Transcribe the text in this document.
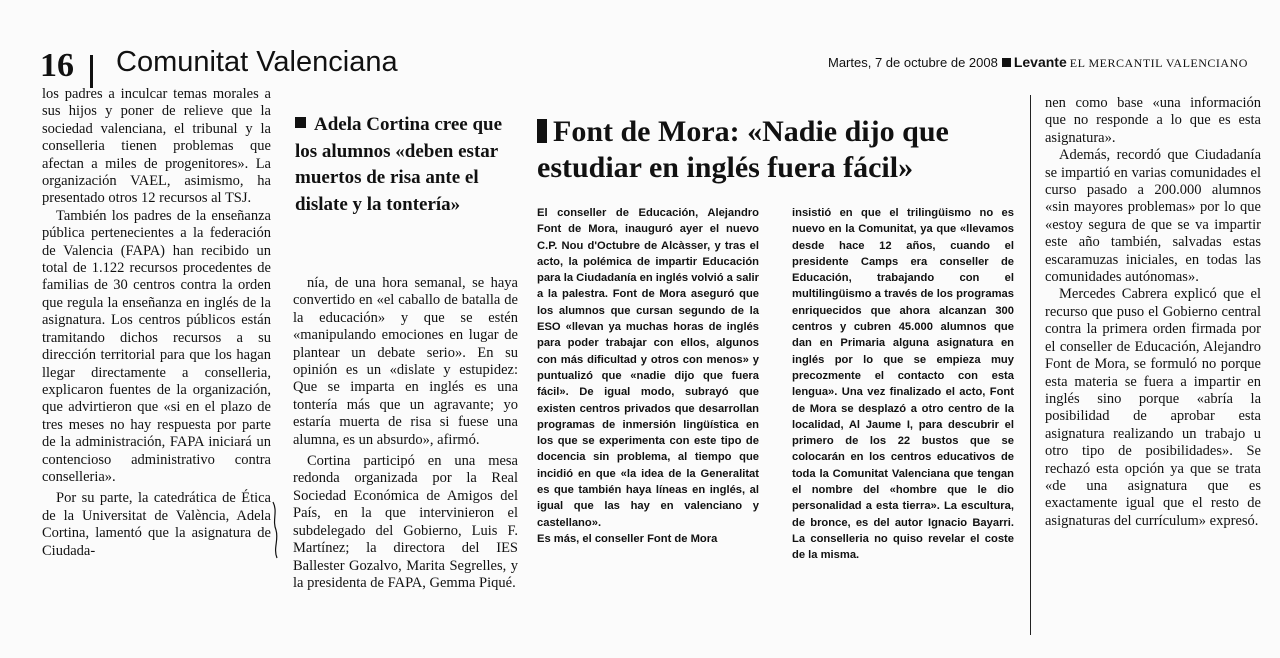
16 Comunitat Valenciana	Martes, 7 de octubre de 2008 Levante EL MERCANTIL VALENCIANO

los padres a inculcar temas morales a sus hijos y poner de relieve que la sociedad valenciana, el tribunal y la conselleria tienen problemas que afectan a miles de progenitores». La organización VAEL, asimismo, ha presentado otros 12 recursos al TSJ.

También los padres de la enseñanza pública pertenecientes a la federación de Valencia (FAPA) han recibido un total de 1.122 recursos procedentes de familias de 30 centros contra la orden que regula la enseñanza en inglés de la asignatura. Los centros públicos están tramitando dichos recursos a su dirección territorial para que los hagan llegar directamente a conselleria, explicaron fuentes de la organización, que advirtieron que «si en el plazo de tres meses no hay respuesta por parte de la administración, FAPA iniciará un contencioso administrativo contra conselleria».

Por su parte, la catedrática de Ética de la Universitat de València, Adela Cortina, lamentó que la asignatura de Ciudada-

Adela Cortina cree que los alumnos «deben estar muertos de risa ante el dislate y la tontería»

nía, de una hora semanal, se haya convertido en «el caballo de batalla de la educación» y que se estén «manipulando emociones en lugar de plantear un debate serio». En su opinión es un «dislate y estupidez: Que se imparta en inglés es una tontería más que un agravante; yo estaría muerta de risa si fuese una alumna, es un absurdo», afirmó.

Cortina participó en una mesa redonda organizada por la Real Sociedad Económica de Amigos del País, en la que intervinieron el subdelegado del Gobierno, Luis F. Martínez; la directora del IES Ballester Gozalvo, Marita Segrelles, y la presidenta de FAPA, Gemma Piqué.

Font de Mora: «Nadie dijo que estudiar en inglés fuera fácil»

El conseller de Educación, Alejandro Font de Mora, inauguró ayer el nuevo C.P. Nou d'Octubre de Alcàsser, y tras el acto, la polémica de impartir Educación para la Ciudadanía en inglés volvió a salir a la palestra. Font de Mora aseguró que los alumnos que cursan segundo de la ESO «llevan ya muchas horas de inglés para poder trabajar con ellos, algunos con más dificultad y otros con menos» y puntualizó que «nadie dijo que fuera fácil». De igual modo, subrayó que existen centros privados que desarrollan programas de inmersión lingüística en los que se experimenta con este tipo de docencia sin problema, al tiempo que incidió en que «la idea de la Generalitat es que también haya líneas en inglés, al igual que las hay en valenciano y castellano».

Es más, el conseller Font de Mora

insistió en que el trilingüismo no es nuevo en la Comunitat, ya que «llevamos desde hace 12 años, cuando el presidente Camps era conseller de Educación, trabajando con el multilingüismo a través de los programas enriquecidos que ahora alcanzan 300 centros y cubren 45.000 alumnos que dan en Primaria alguna asignatura en inglés por lo que se empieza muy precozmente el contacto con esta lengua». Una vez finalizado el acto, Font de Mora se desplazó a otro centro de la localidad, Al Jaume I, para descubrir el primero de los 22 bustos que se colocarán en los centros educativos de toda la Comunitat Valenciana que tengan el nombre del «hombre que le dio personalidad a esta tierra». La escultura, de bronce, es del autor Ignacio Bayarri. La conselleria no quiso revelar el coste de la misma.

nen como base «una información que no responde a lo que es esta asignatura».

Además, recordó que Ciudadanía se impartió en varias comunidades el curso pasado a 200.000 alumnos «sin mayores problemas» por lo que «estoy segura de que se va impartir este año también, salvadas estas escaramuzas iniciales, en todas las comunidades autónomas».

Mercedes Cabrera explicó que el recurso que puso el Gobierno central contra la primera orden firmada por el conseller de Educación, Alejandro Font de Mora, se formuló no porque esta materia se fuera a impartir en inglés sino porque «abría la posibilidad de aprobar esta asignatura realizando un trabajo u otro tipo de posibilidades». Se rechazó esta opción ya que se trata «de una asignatura que es exactamente igual que el resto de asignaturas del currículum» expresó.
